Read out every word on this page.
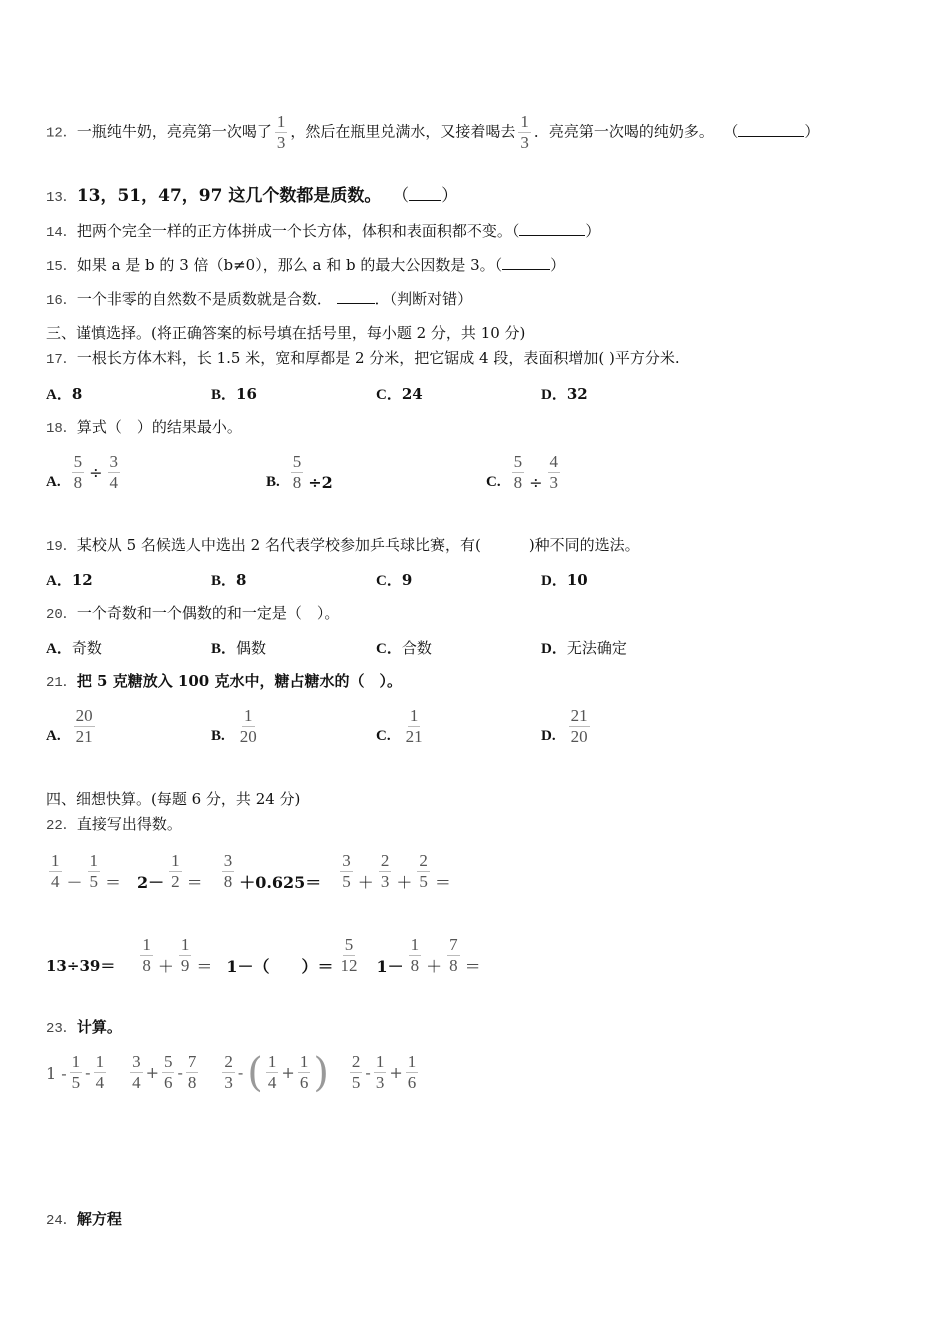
12．一瓶纯牛奶，亮亮第一次喝了 $\frac{1}{3}$ ，然后在瓶里兑满水，又接着喝去 $\frac{1}{3}$ ．亮亮第一次喝的纯奶多。 （	）
13．13，51，47，97 这几个数都是质数。 （ ）
14．把两个完全一样的正方体拼成一个长方体，体积和表面积都不变。（	）
15．如果 a 是 b 的 3 倍（b≠0），那么 a 和 b 的最大公因数是 3。（	）
16．一个非零的自然数不是质数就是合数．	．（判断对错）
三、谨慎选择。(将正确答案的标号填在括号里，每小题 2 分，共 10 分)
17．一根长方体木料，长 1.5 米，宽和厚都是 2 分米，把它锯成 4 段，表面积增加( )平方分米.
A．8	B．16	C．24	D．32
18．算式（　）的结果最小。
A. $\frac{5}{8} \div \frac{3}{4}$	B. $\frac{5}{8} \div 2$	C. $\frac{5}{8} \div \frac{4}{3}$
19．某校从 5 名候选人中选出 2 名代表学校参加乒乓球比赛，有(	)种不同的选法。
A．12	B．8	C．9	D．10
20．一个奇数和一个偶数的和一定是（　）。
A．奇数	B．偶数	C．合数	D．无法确定
21．把 5 克糖放入 100 克水中，糖占糖水的（　）。
A. $\frac{20}{21}$	B. $\frac{1}{20}$	C. $\frac{1}{21}$	D. $\frac{21}{20}$
四、细想快算。(每题 6 分，共 24 分)
22．直接写出得数。
$\frac{1}{4} - \frac{1}{5} = 2- \frac{1}{2} = \frac{3}{8} +0.625= \frac{3}{5} + \frac{2}{3} + \frac{2}{5}$ ＝
$13\div 39= \frac{1}{8} + \frac{1}{9} = 1-$（　　）＝ $\frac{5}{12} 1- \frac{1}{8} + \frac{7}{8}$ ＝
23．计算。
$1 - \frac{1}{5} - \frac{1}{4} \frac{3}{4} + \frac{5}{6} - \frac{7}{8} \frac{2}{3}$ - ( $\frac{1}{4} + \frac{1}{6}$ ) $\frac{2}{5} - \frac{1}{3} + \frac{1}{6}$
24．解方程
